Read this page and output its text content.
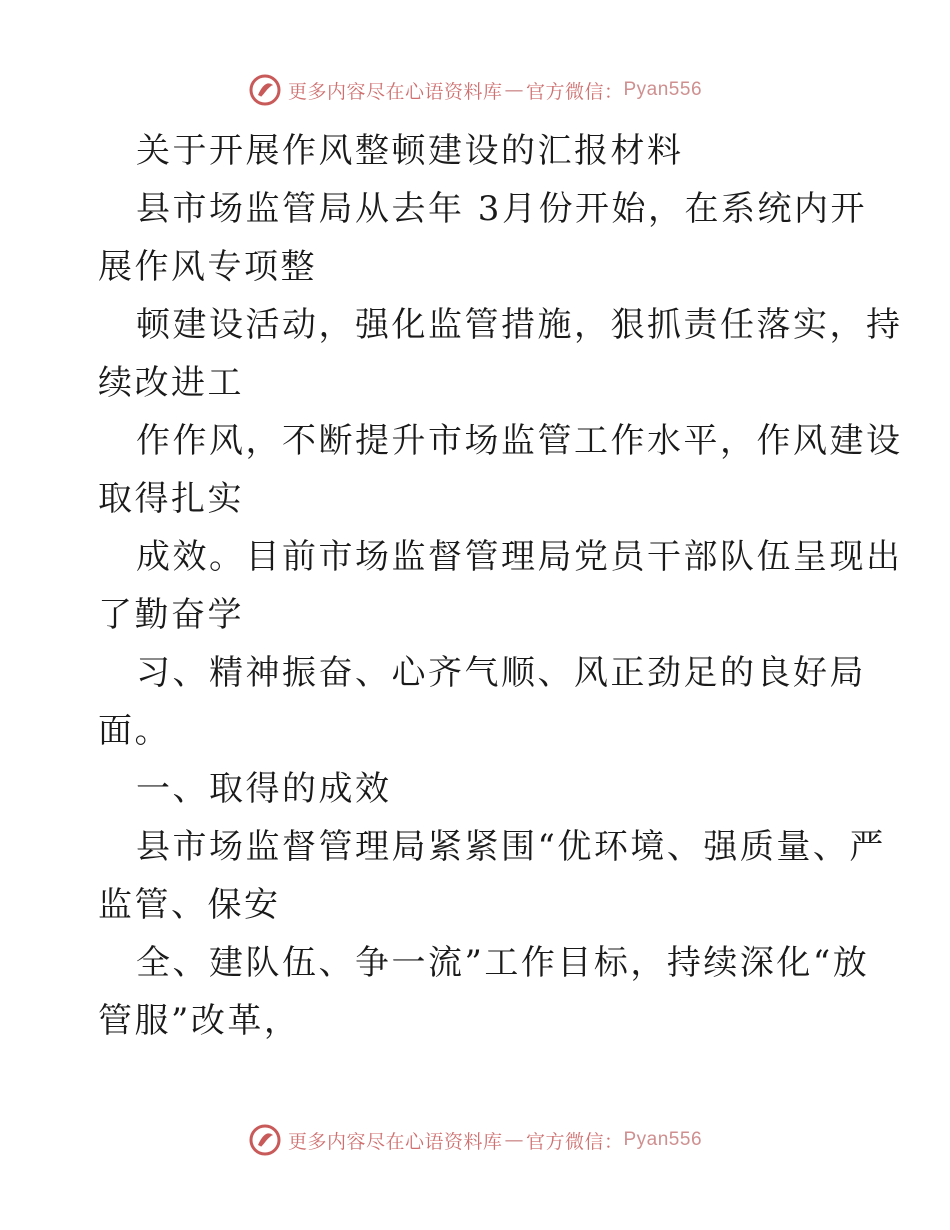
更多内容尽在心语资料库 — 官方微信： Pyan556
关于开展作风整顿建设的汇报材料
县市场监管局从去年 3月份开始，在系统内开
展作风专项整
顿建设活动，强化监管措施，狠抓责任落实，持
续改进工
作作风，不断提升市场监管工作水平，作风建设
取得扎实
成效。目前市场监督管理局党员干部队伍呈现出
了勤奋学
习、精神振奋、心齐气顺、风正劲足的良好局
面。
一、取得的成效
县市场监督管理局紧紧围“优环境、强质量、严
监管、保安
全、建队伍、争一流”工作目标，持续深化“放
管服”改革，
更多内容尽在心语资料库 — 官方微信： Pyan556
